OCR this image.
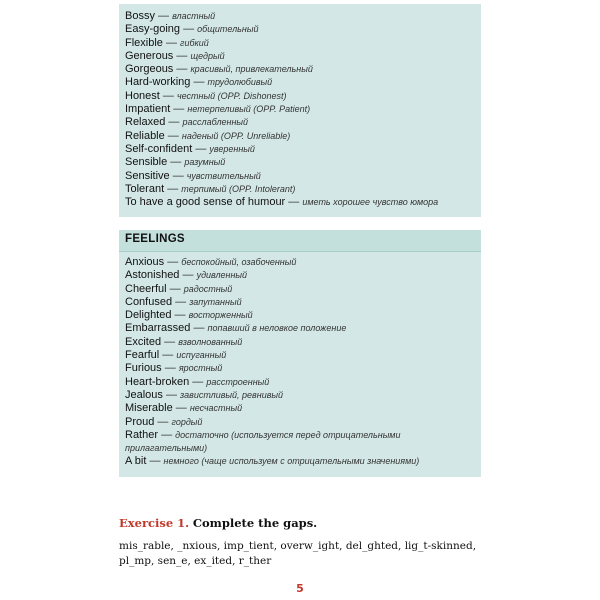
Bossy — властный
Easy-going — общительный
Flexible — гибкий
Generous — щедрый
Gorgeous — красивый, привлекательный
Hard-working — трудолюбивый
Honest — честный (OPP. Dishonest)
Impatient — нетерпеливый (OPP. Patient)
Relaxed — расслабленный
Reliable — наденый (OPP. Unreliable)
Self-confident — уверенный
Sensible — разумный
Sensitive — чувствительный
Tolerant — терпимый (OPP. Intolerant)
To have a good sense of humour — иметь хорошее чувство юмора
FEELINGS
Anxious — беспокойный, озабоченный
Astonished — удивленный
Cheerful — радостный
Confused — запутанный
Delighted — восторженный
Embarrassed — попавший в неловкое положение
Excited — взволнованный
Fearful — испуганный
Furious — яростный
Heart-broken — расстроенный
Jealous — завистливый, ревнивый
Miserable — несчастный
Proud — гордый
Rather — достаточно (используется перед отрицательными прилагательными)
A bit — немного (чаще используем с отрицательными значениями)
Exercise 1. Complete the gaps.
mis_rable, _nxious, imp_tient, overw_ight, del_ghted, lig_t-skinned, pl_mp, sen_e, ex_ited, r_ther
5
